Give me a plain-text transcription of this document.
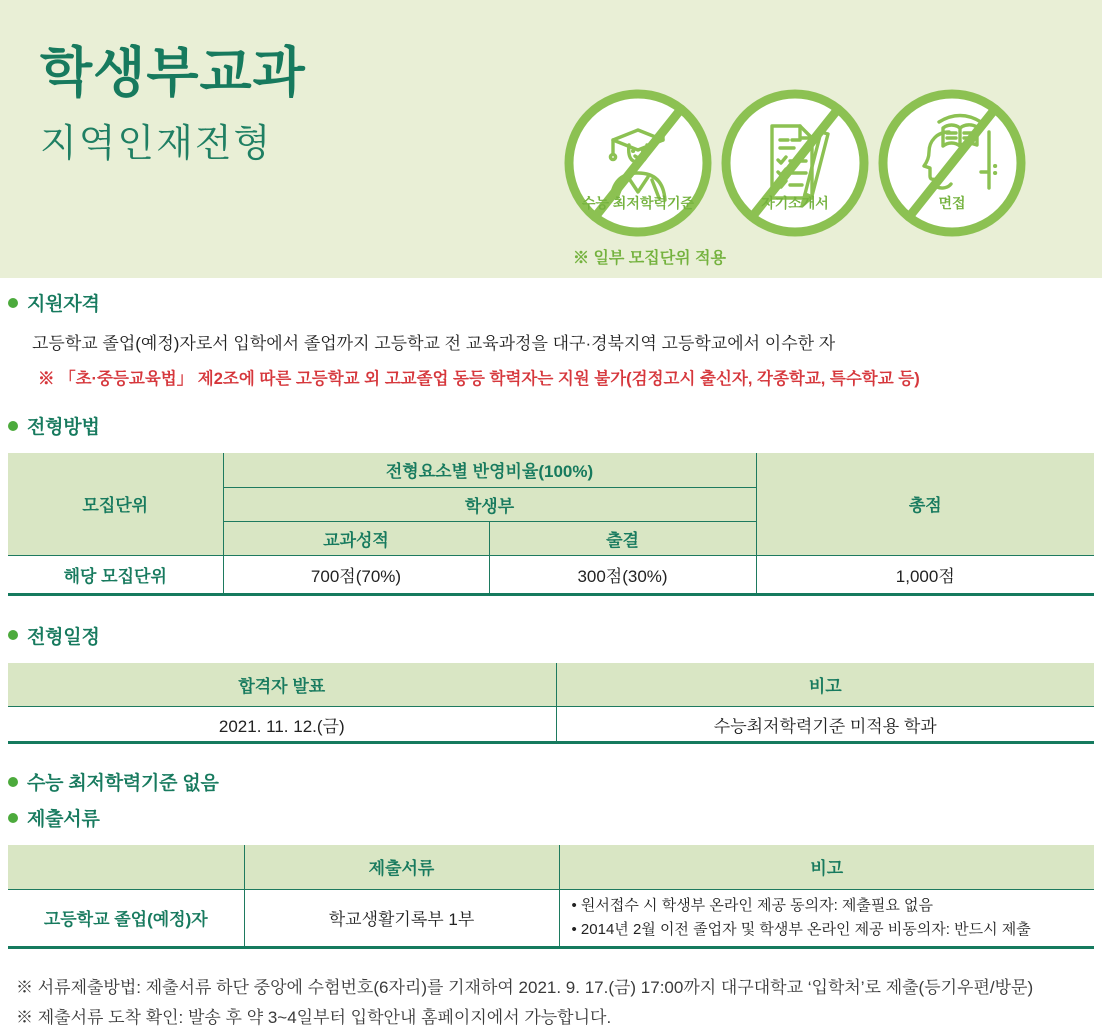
학생부교과
지역인재전형
수능 최저학력기준	자기소개서	면접
※ 일부 모집단위 적용
지원자격
고등학교 졸업(예정)자로서 입학에서 졸업까지 고등학교 전 교육과정을 대구·경북지역 고등학교에서 이수한 자
※ 「초·중등교육법」 제2조에 따른 고등학교 외 고교졸업 동등 학력자는 지원 불가(검정고시 출신자, 각종학교, 특수학교 등)
전형방법
모집단위	전형요소별 반영비율(100%)		총점
	학생부		
	교과성적	출결	
해당 모집단위	700점(70%)	300점(30%)	1,000점
전형일정
합격자 발표	비고
2021. 11. 12.(금)	수능최저학력기준 미적용 학과
수능 최저학력기준 없음
제출서류
	제출서류	비고
고등학교 졸업(예정)자	학교생활기록부 1부	• 원서접수 시 학생부 온라인 제공 동의자: 제출필요 없음
• 2014년 2월 이전 졸업자 및 학생부 온라인 제공 비동의자: 반드시 제출
※ 서류제출방법: 제출서류 하단 중앙에 수험번호(6자리)를 기재하여 2021. 9. 17.(금) 17:00까지 대구대학교 ‘입학처’로 제출(등기우편/방문)
※ 제출서류 도착 확인: 발송 후 약 3~4일부터 입학안내 홈페이지에서 가능합니다.
